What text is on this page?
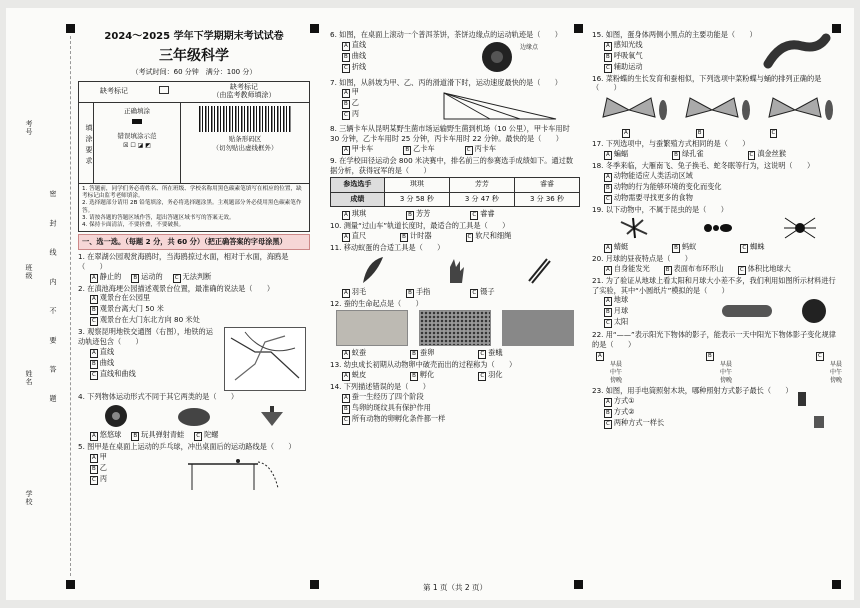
考号
班级
姓名
学校
密 封 线 内 不 要 答 题
2024～2025 学年下学期期末考试试卷
三年级科学
（考试时间：60 分钟　 满分：100 分）
缺考标记	缺考标记
（由监考教师填涂）
填涂要求
正确填涂
错误填涂示范
☒ ☐ ◪ ◩
贴条形码区
（切勿贴出虚线框外）
1. 答题前，同学们务必将姓名、所在班级、学校名称用黑色碳素笔填写在相应的位置，缺考标记由监考老师填涂。
2. 选择题部分请用 2B 铅笔填涂，务必将选择题涂黑。主观题部分务必使用黑色碳素笔作答。
3. 请按各题的答题区域作答，超出答题区域书写的答案无效。
4. 保持卡面清洁，不要折叠，不要破损。
一、选一选。（每题 2 分，共 60 分）（把正确答案的字母涂黑）
1. 在翠湖公园观赏海鸥时，当海鸥掠过水面，相对于水面，海鸥是（　　）
A 静止的	B 运动的	C 无法判断
2. 在滇池海埂公园描述观景台位置，最准确的说法是（　　）
A 观景台在公园里
B 观景台离大门 50 米
C 观景台在大门东北方向 80 米处
3. 观察昆明地铁交通图（右图），地铁的运动轨迹包含（　　）
A 直线
B 曲线
C 直线和曲线
4. 下列物体运动形式不同于其它两类的是（　　）
A 悠悠球	B 玩具弹射青蛙	C 陀螺
5. 图甲是在桌面上运动的乒乓球，冲出桌面后的运动路线是（　　）
A 甲
B 乙
C 丙
6. 如图，在桌面上滚动一个普洱茶饼，茶饼边缘点的运动轨迹是（　　）
A 直线
B 曲线
C 折线
边缘点
7. 如图，从斜坡为甲、乙、丙的滑道滑下时，运动速度最快的是（　　）
A 甲
B 乙
C 丙
8. 三辆卡车从昆明某野生菌市场运输野生菌到机场（10 公里），甲卡车用时 30 分钟，乙卡车用时 25 分钟，丙卡车用时 22 分钟。最快的是（　　）
A 甲卡车	B 乙卡车	C 丙卡车
9. 在学校田径运动会 800 米决赛中，排名前三的参赛选手成绩如下。通过数据分析，获得冠军的是（　　）
参选选手	琪琪	芳芳	睿睿
成绩	3 分 58 秒	3 分 47 秒	3 分 36 秒
A 琪琪	B 芳芳	C 睿睿
10. 测量“过山车”轨道长度时，最适合的工具是（　　）
A 直尺	B 计时器	C 软尺和细绳
11. 移动蚁蛋的合适工具是（　　）
A 羽毛	B 手指	C 镊子
12. 蚕的生命起点是（　　）
A 蚁蚕	B 蚕卵	C 蚕蛾
13. 幼虫成长初期从动物卵中破壳而出的过程称为（　　）
A 蜕皮	B 孵化	C 羽化
14. 下列描述错误的是（　　）
A 蚕一生经历了四个阶段
B 鸟卵的斑纹具有保护作用
C 所有动物的卵孵化条件都一样
15. 如图，蛋身体两侧小黑点的主要功能是（　　）
A 感知光线
B 呼吸氧气
C 辅助运动
16. 菜粉蝶的生长发育和蚕相似，下列选项中菜粉蝶与蛹的排列正确的是（　　）
A	B	C
17. 下列选项中，与蚕繁殖方式相同的是（　　）
A 蝙蝠	B 绿孔雀	C 滇金丝猴
18. 冬季来临，大雁南飞、兔子换毛、蛇冬眠等行为，这说明（　　）
A 动物能适应人类活动区域
B 动物的行为能够环境的变化而变化
C 动物需要寻找更多的食物
19. 以下动物中，不属于昆虫的是（　　）
A 蜻蜓	B 蚂蚁	C 蜘蛛
20. 月球的昼夜特点是（　　）
A 自身能发光	B 表面布布环形山	C 体积比地球大
21. 为了验证从地球上看太阳和月球大小差不多，我们利用如图所示材料进行了实验，其中“小圆纸片”模拟的是（　　）
A 地球
B 月球
C 太阳
22. 用“——”表示阳光下物体的影子，能表示一天中阳光下物体影子变化规律的是（　　）
A
早晨
中午
傍晚
B
早晨
中午
傍晚
C
早晨
中午
傍晚
23. 如图，用手电筒照射木块，哪种照射方式影子最长（　　）
A 方式①
B 方式②
C 两种方式一样长
第 1 页（共 2 页）
